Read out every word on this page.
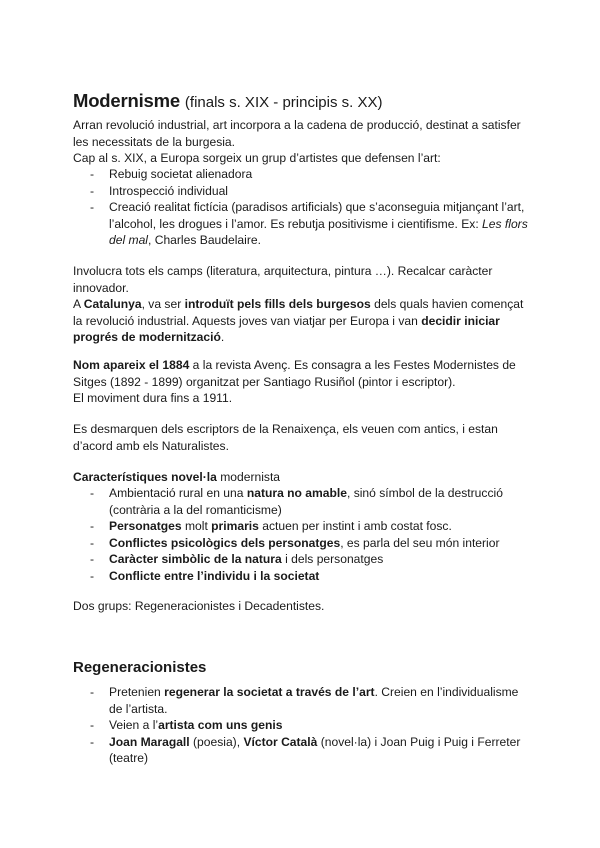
Modernisme (finals s. XIX - principis s. XX)

Arran revolució industrial, art incorpora a la cadena de producció, destinat a satisfer les necessitats de la burgesia.

Cap al s. XIX, a Europa sorgeix un grup d’artistes que defensen l’art:

- Rebuig societat alienadora
- Introspecció individual
- Creació realitat fictícia (paradisos artificials) que s’aconseguia mitjançant l’art, l’alcohol, les drogues i l’amor. Es rebutja positivisme i cientifisme. Ex: Les flors del mal, Charles Baudelaire.

Involucra tots els camps (literatura, arquitectura, pintura …). Recalcar caràcter innovador.

A Catalunya, va ser introduït pels fills dels burgesos dels quals havien començat la revolució industrial. Aquests joves van viatjar per Europa i van decidir iniciar progrés de modernització.

Nom apareix el 1884 a la revista Avenç. Es consagra a les Festes Modernistes de Sitges (1892 - 1899) organitzat per Santiago Rusiñol (pintor i escriptor).

El moviment dura fins a 1911.

Es desmarquen dels escriptors de la Renaixença, els veuen com antics, i estan d’acord amb els Naturalistes.

Característiques novel·la modernista

- Ambientació rural en una natura no amable, sinó símbol de la destrucció (contrària a la del romanticisme)
- Personatges molt primaris actuen per instint i amb costat fosc.
- Conflictes psicològics dels personatges, es parla del seu món interior
- Caràcter simbòlic de la natura i dels personatges
- Conflicte entre l’individu i la societat

Dos grups: Regeneracionistes i Decadentistes.

Regeneracionistes
- Pretenien regenerar la societat a través de l’art. Creien en l’individualisme de l’artista.
- Veien a l’artista com uns genis
- Joan Maragall (poesia), Víctor Català (novel·la) i Joan Puig i Puig i Ferreter (teatre)
